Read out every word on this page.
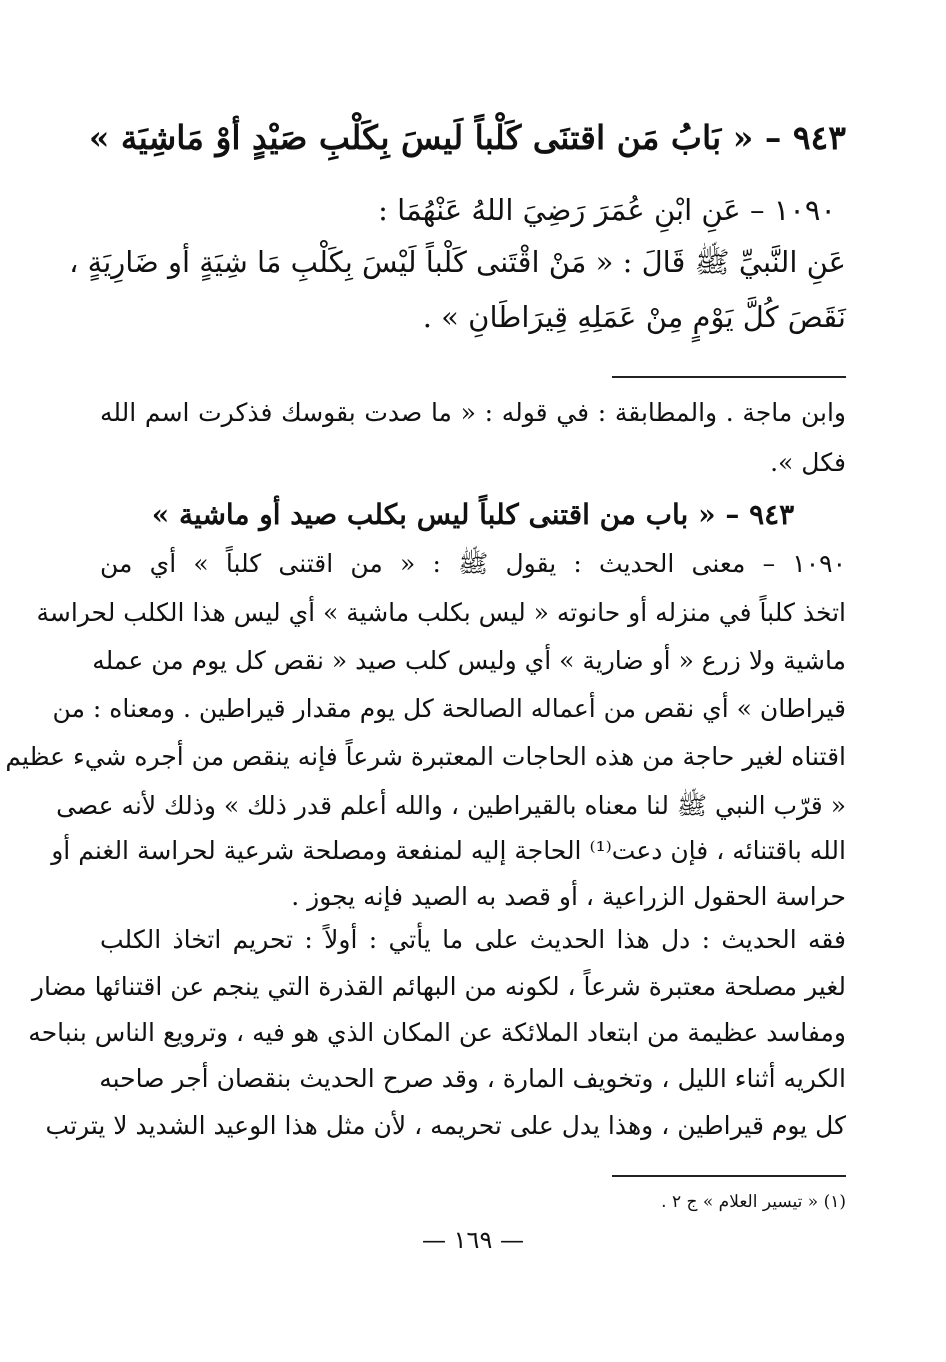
٩٤٣ – « بَابُ مَن اقتنَى كَلْباً لَيسَ بِكَلْبِ صَيْدٍ أوْ مَاشِيَة »
١٠٩٠ – عَنِ ابْنِ عُمَرَ رَضِيَ اللهُ عَنْهُمَا :
عَنِ النَّبيِّ ﷺ قَالَ : « مَنْ اقْتَنى كَلْباً لَيْسَ بِكَلْبِ مَا شِيَةٍ أو ضَارِيَةٍ ،
نَقَصَ كُلَّ يَوْمٍ مِنْ عَمَلِهِ قِيرَاطَانِ » .
وابن ماجة . والمطابقة : في قوله : « ما صدت بقوسك فذكرت اسم الله
فكل ».
٩٤٣ – « باب من اقتنى كلباً ليس بكلب صيد أو ماشية »
١٠٩٠ – معنى الحديث : يقول ﷺ : « من اقتنى كلباً » أي من
اتخذ كلباً في منزله أو حانوته « ليس بكلب ماشية » أي ليس هذا الكلب لحراسة
ماشية ولا زرع « أو ضارية » أي وليس كلب صيد « نقص كل يوم من عمله
قيراطان » أي نقص من أعماله الصالحة كل يوم مقدار قيراطين . ومعناه : من
اقتناه لغير حاجة من هذه الحاجات المعتبرة شرعاً فإنه ينقص من أجره شيء عظيم
« قرّب النبي ﷺ لنا معناه بالقيراطين ، والله أعلم قدر ذلك » وذلك لأنه عصى
الله باقتنائه ، فإن دعت⁽¹⁾ الحاجة إليه لمنفعة ومصلحة شرعية لحراسة الغنم أو
حراسة الحقول الزراعية ، أو قصد به الصيد فإنه يجوز .
فقه الحديث : دل هذا الحديث على ما يأتي : أولاً : تحريم اتخاذ الكلب
لغير مصلحة معتبرة شرعاً ، لكونه من البهائم القذرة التي ينجم عن اقتنائها مضار
ومفاسد عظيمة من ابتعاد الملائكة عن المكان الذي هو فيه ، وترويع الناس بنباحه
الكريه أثناء الليل ، وتخويف المارة ، وقد صرح الحديث بنقصان أجر صاحبه
كل يوم قيراطين ، وهذا يدل على تحريمه ، لأن مثل هذا الوعيد الشديد لا يترتب
(١) « تيسير العلام » ج ٢ .
— ١٦٩ —
